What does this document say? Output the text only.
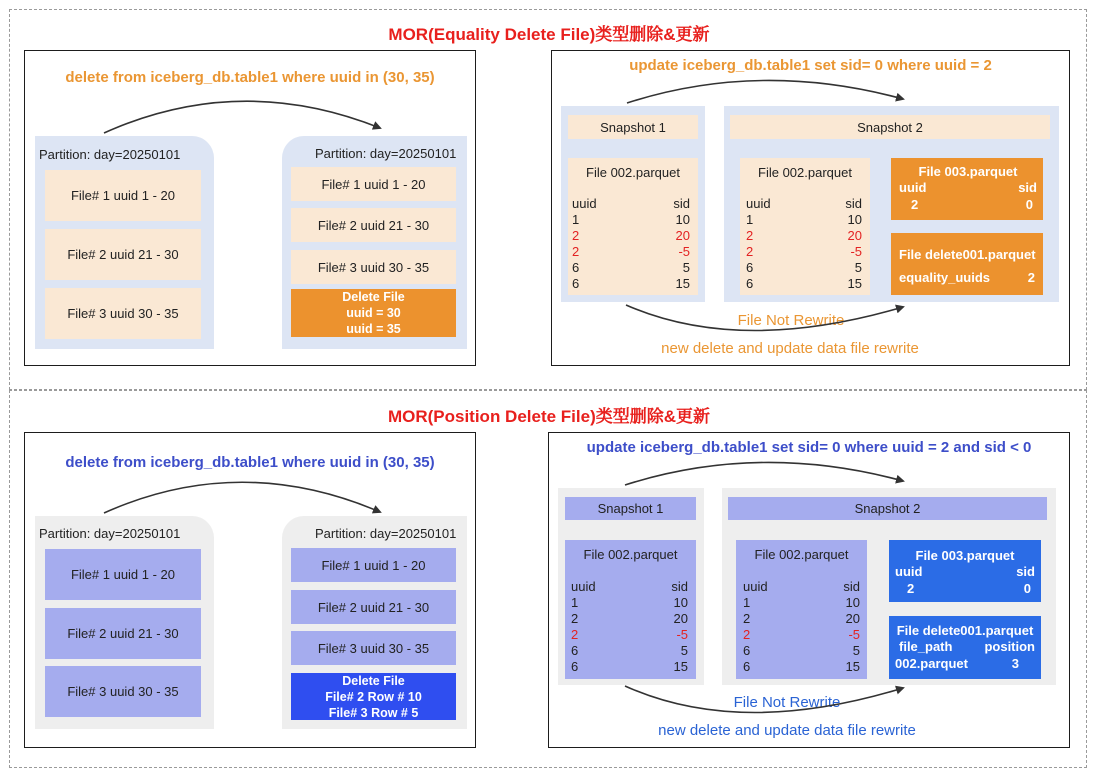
MOR(Equality Delete File)类型删除&更新
delete from iceberg_db.table1 where uuid in (30, 35)
Partition: day=20250101
File# 1 uuid 1 - 20
File# 2 uuid 21 - 30
File# 3 uuid 30 - 35
Partition: day=20250101
File# 1 uuid 1 - 20
File# 2 uuid 21 - 30
File# 3 uuid 30 - 35
Delete File
uuid = 30
uuid = 35
update iceberg_db.table1 set sid= 0 where uuid = 2
Snapshot 1
File 002.parquet
uuid	sid
1	10
2	20
2	-5
6	5
6	15
Snapshot 2
File 002.parquet
uuid	sid
1	10
2	20
2	-5
6	5
6	15
File 003.parquet
uuid	sid
2	0
File delete001.parquet
equality_uuids	2
File Not Rewrite
new delete and update data file rewrite
MOR(Position Delete File)类型删除&更新
delete from iceberg_db.table1 where uuid in (30, 35)
Partition: day=20250101
File# 1 uuid 1 - 20
File# 2 uuid 21 - 30
File# 3 uuid 30 - 35
Partition: day=20250101
File# 1 uuid 1 - 20
File# 2 uuid 21 - 30
File# 3 uuid 30 - 35
Delete File
File# 2 Row # 10
File# 3 Row # 5
update iceberg_db.table1 set sid= 0 where uuid = 2 and sid < 0
Snapshot 1
File 002.parquet
uuid	sid
1	10
2	20
2	-5
6	5
6	15
Snapshot 2
File 002.parquet
uuid	sid
1	10
2	20
2	-5
6	5
6	15
File 003.parquet
uuid	sid
2	0
File delete001.parquet
file_path position
002.parquet	3
File Not Rewrite
new delete and update data file rewrite
